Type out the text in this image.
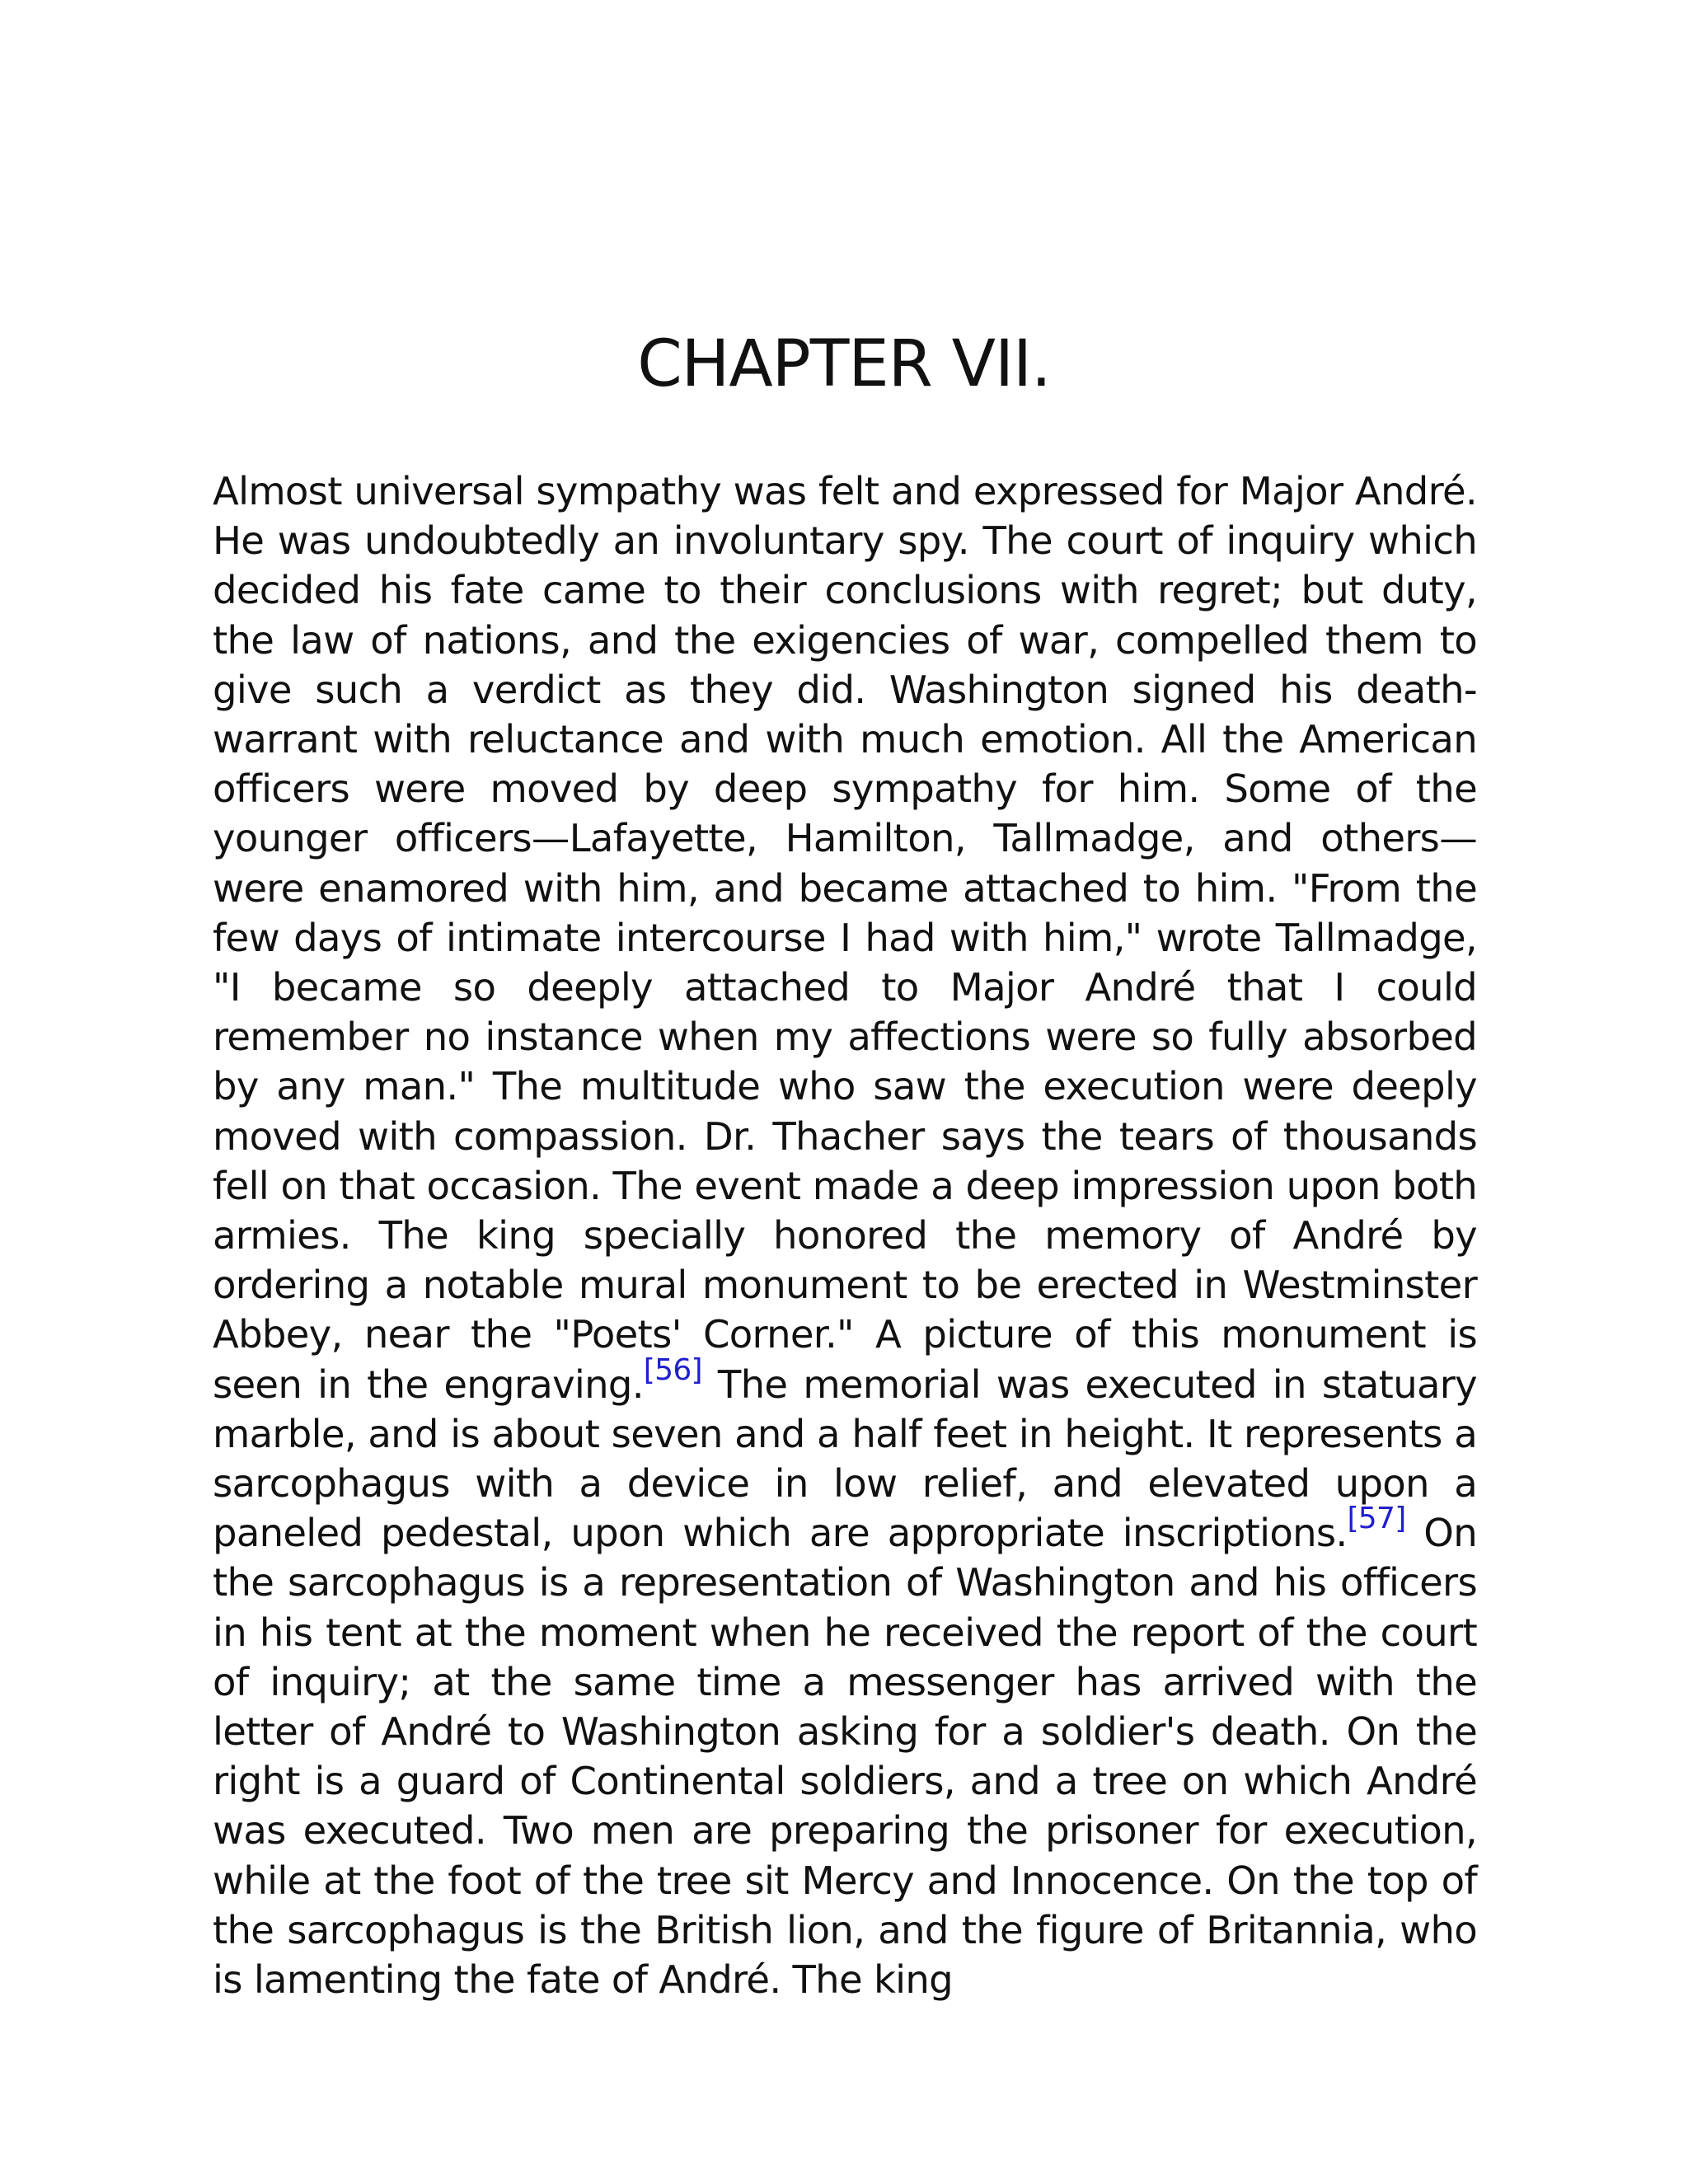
CHAPTER VII.

Almost universal sympathy was felt and expressed for Major André. He was undoubtedly an involuntary spy. The court of inquiry which decided his fate came to their conclusions with regret; but duty, the law of nations, and the exigencies of war, compelled them to give such a verdict as they did. Washington signed his death-warrant with reluctance and with much emotion. All the American officers were moved by deep sympathy for him. Some of the younger officers—Lafayette, Hamilton, Tallmadge, and others—were enamored with him, and became attached to him. "From the few days of intimate intercourse I had with him," wrote Tallmadge, "I became so deeply attached to Major André that I could remember no instance when my affections were so fully absorbed by any man." The multitude who saw the execution were deeply moved with compassion. Dr. Thacher says the tears of thousands fell on that occasion. The event made a deep impression upon both armies. The king specially honored the memory of André by ordering a notable mural monument to be erected in Westminster Abbey, near the "Poets' Corner." A picture of this monument is seen in the engraving.[56] The memorial was executed in statuary marble, and is about seven and a half feet in height. It represents a sarcophagus with a device in low relief, and elevated upon a paneled pedestal, upon which are appropriate inscriptions.[57] On the sarcophagus is a representation of Washington and his officers in his tent at the moment when he received the report of the court of inquiry; at the same time a messenger has arrived with the letter of André to Washington asking for a soldier's death. On the right is a guard of Continental soldiers, and a tree on which André was executed. Two men are preparing the prisoner for execution, while at the foot of the tree sit Mercy and Innocence. On the top of the sarcophagus is the British lion, and the figure of Britannia, who is lamenting the fate of André. The king
